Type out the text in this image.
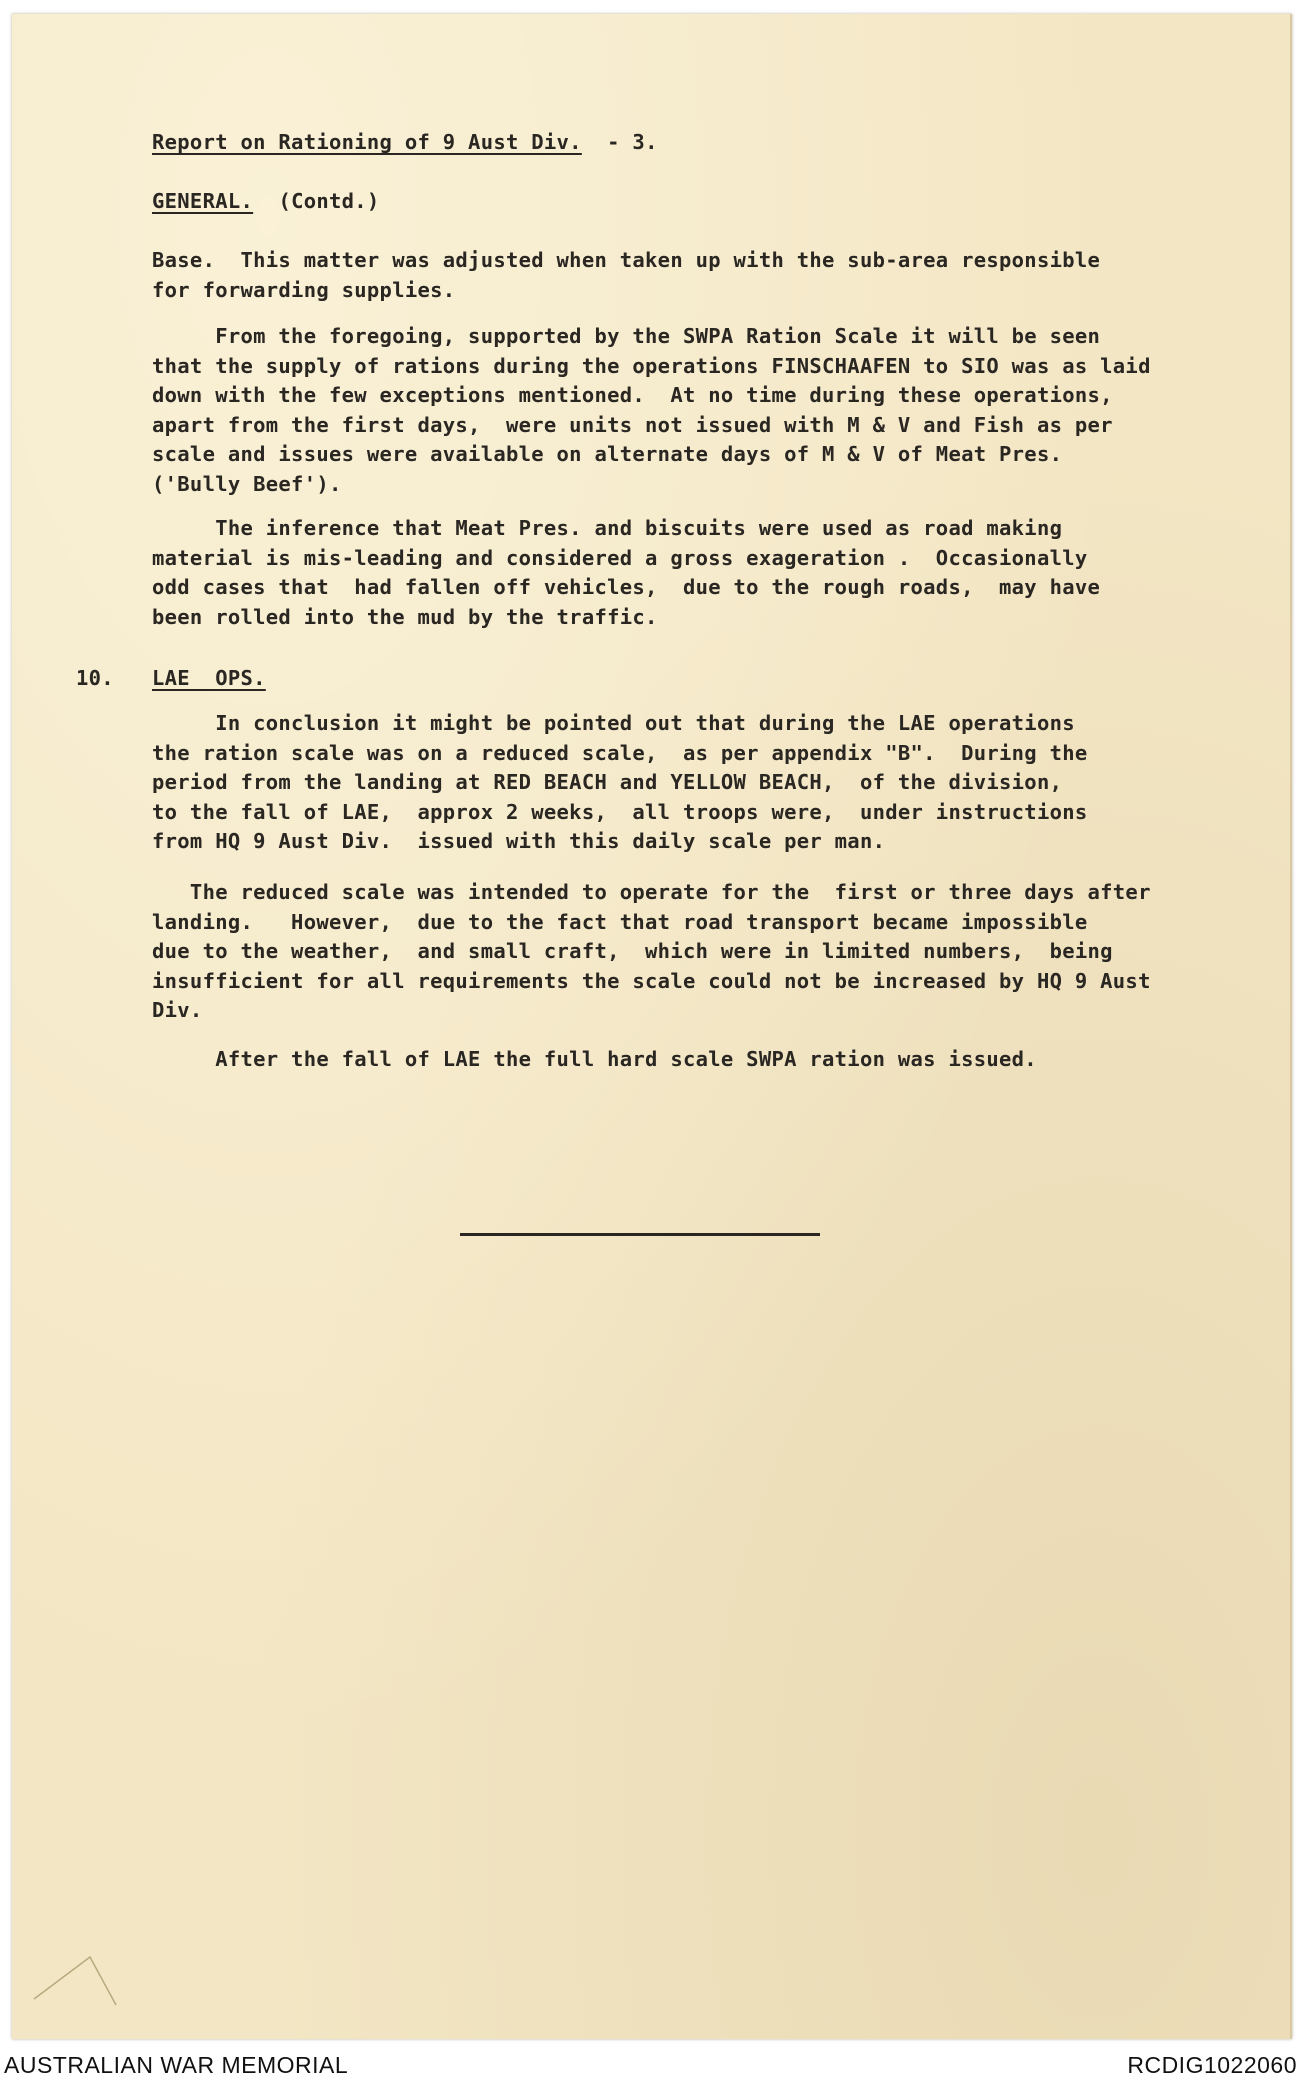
Report on Rationing of 9 Aust Div. - 3.
GENERAL. (Contd.)
Base.  This matter was adjusted when taken up with the sub-area responsible
for forwarding supplies.
From the foregoing, supported by the SWPA Ration Scale it will be seen
that the supply of rations during the operations FINSCHAAFEN to SIO was as laid
down with the few exceptions mentioned.  At no time during these operations,
apart from the first days,  were units not issued with M & V and Fish as per
scale and issues were available on alternate days of M & V of Meat Pres.
('Bully Beef').
The inference that Meat Pres. and biscuits were used as road making
material is mis-leading and considered a gross exageration .  Occasionally
odd cases that  had fallen off vehicles,  due to the rough roads,  may have
been rolled into the mud by the traffic.
10. LAE  OPS.
In conclusion it might be pointed out that during the LAE operations
the ration scale was on a reduced scale,  as per appendix "B".  During the
period from the landing at RED BEACH and YELLOW BEACH,  of the division,
to the fall of LAE,  approx 2 weeks,  all troops were,  under instructions
from HQ 9 Aust Div.  issued with this daily scale per man.
The reduced scale was intended to operate for the  first or three days after
landing.   However,  due to the fact that road transport became impossible
due to the weather,  and small craft,  which were in limited numbers,  being
insufficient for all requirements the scale could not be increased by HQ 9 Aust
Div.
After the fall of LAE the full hard scale SWPA ration was issued.
AUSTRALIAN WAR MEMORIAL	RCDIG1022060
